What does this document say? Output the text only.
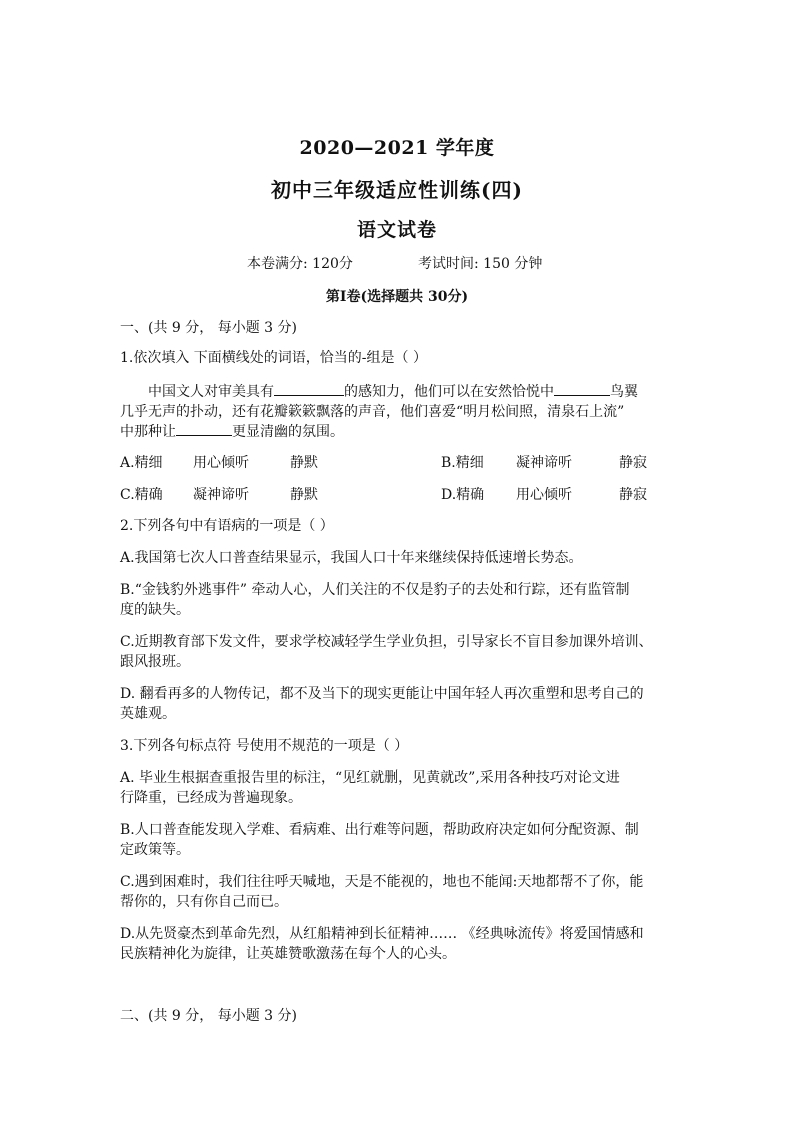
2020—2021 学年度
初中三年级适应性训练(四)
语文试卷
本卷满分: 120分	考试时间: 150 分钟
第Ⅰ卷(选择题共 30分)
一、(共 9 分， 每小题 3 分)
1.依次填入 下面横线处的词语，恰当的-组是（ ）
中国文人对审美具有	的感知力，他们可以在安然恰悦中	鸟翼
几乎无声的扑动，还有花瓣簌簌飘落的声音，他们喜爱“明月松间照，清泉石上流”
中那种让	更显清幽的氛围。
A.精细 用心倾听	静默	B.精细 凝神谛听	静寂
C.精确 凝神谛听	静默	D.精确 用心倾听	静寂
2.下列各句中有语病的一项是（ ）
A.我国第七次人口普查结果显示，我国人口十年来继续保持低速增长势态。
B.“金钱豹外逃事件” 牵动人心，人们关注的不仅是豹子的去处和行踪，还有监管制
度的缺失。
C.近期教育部下发文件，要求学校减轻学生学业负担，引导家长不盲目参加课外培训、
跟风报班。
D. 翻看再多的人物传记，都不及当下的现实更能让中国年轻人再次重塑和思考自己的
英雄观。
3.下列各句标点符 号使用不规范的一项是（ ）
A. 毕业生根据查重报告里的标注，“见红就删，见黄就改”,采用各种技巧对论文进
行降重，已经成为普遍现象。
B.人口普查能发现入学难、看病难、出行难等问题，帮助政府决定如何分配资源、制
定政策等。
C.遇到困难时，我们往往呼天喊地，天是不能视的，地也不能闻:天地都帮不了你，能
帮你的，只有你自己而已。
D.从先贤豪杰到革命先烈，从红船精神到长征精神…… 《经典咏流传》将爱国情感和
民族精神化为旋律，让英雄赞歌激荡在每个人的心头。
二、(共 9 分， 每小题 3 分)
